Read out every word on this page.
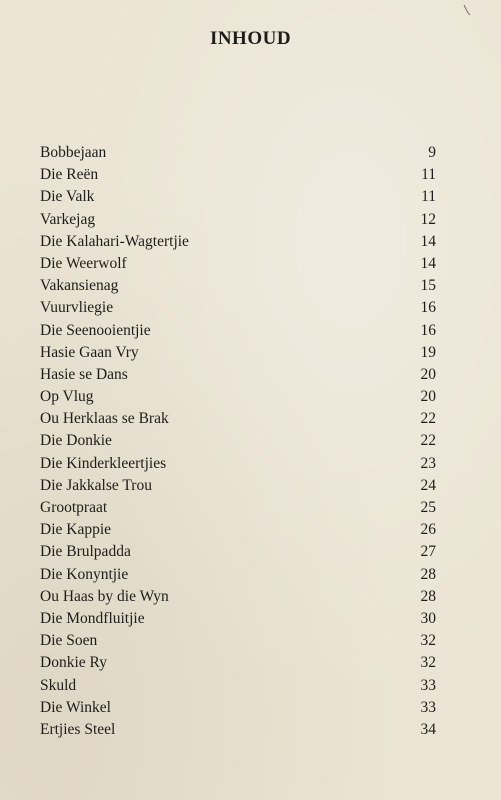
INHOUD
Bobbejaan	9
Die Reën	11
Die Valk	11
Varkejag	12
Die Kalahari-Wagtertjie	14
Die Weerwolf	14
Vakansienag	15
Vuurvliegie	16
Die Seenooientjie	16
Hasie Gaan Vry	19
Hasie se Dans	20
Op Vlug	20
Ou Herklaas se Brak	22
Die Donkie	22
Die Kinderkleertjies	23
Die Jakkalse Trou	24
Grootpraat	25
Die Kappie	26
Die Brulpadda	27
Die Konyntjie	28
Ou Haas by die Wyn	28
Die Mondfluitjie	30
Die Soen	32
Donkie Ry	32
Skuld	33
Die Winkel	33
Ertjies Steel	34
